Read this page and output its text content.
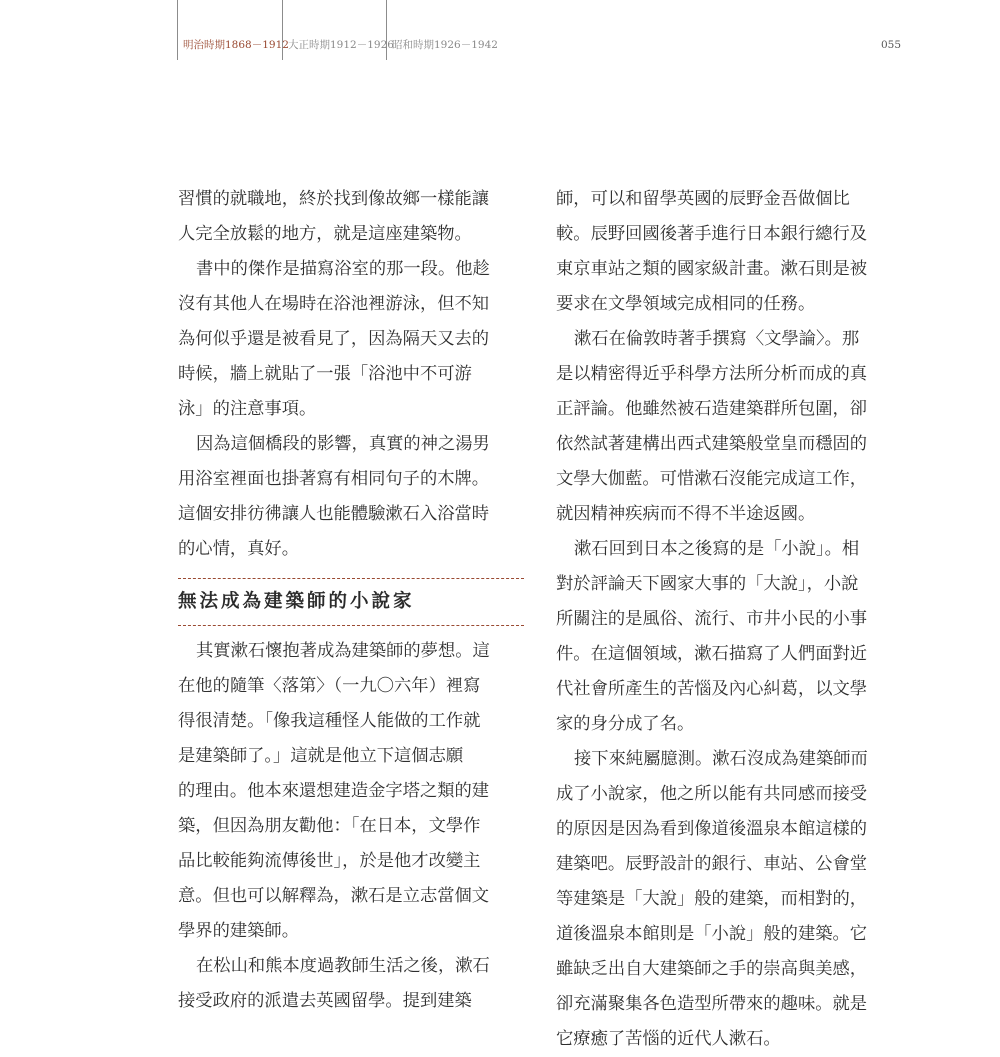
明治時期1868－1912 大正時期1912－1926
昭和時期1926－1942	055
習慣的就職地，終於找到像故鄉一樣能讓
人完全放鬆的地方，就是這座建築物。
書中的傑作是描寫浴室的那一段。他趁
沒有其他人在場時在浴池裡游泳，但不知
為何似乎還是被看見了，因為隔天又去的
時候，牆上就貼了一張「浴池中不可游
泳」的注意事項。
因為這個橋段的影響，真實的神之湯男
用浴室裡面也掛著寫有相同句子的木牌。
這個安排彷彿讓人也能體驗漱石入浴當時
的心情，真好。
無法成為建築師的小說家
其實漱石懷抱著成為建築師的夢想。這
在他的隨筆〈落第〉（一九〇六年）裡寫
得很清楚。「像我這種怪人能做的工作就
是建築師了。」這就是他立下這個志願
的理由。他本來還想建造金字塔之類的建
築，但因為朋友勸他：「在日本，文學作
品比較能夠流傳後世」，於是他才改變主
意。但也可以解釋為，漱石是立志當個文
學界的建築師。
在松山和熊本度過教師生活之後，漱石
接受政府的派遣去英國留學。提到建築
師，可以和留學英國的辰野金吾做個比
較。辰野回國後著手進行日本銀行總行及
東京車站之類的國家級計畫。漱石則是被
要求在文學領域完成相同的任務。
漱石在倫敦時著手撰寫〈文學論〉。那
是以精密得近乎科學方法所分析而成的真
正評論。他雖然被石造建築群所包圍，卻
依然試著建構出西式建築般堂皇而穩固的
文學大伽藍。可惜漱石沒能完成這工作，
就因精神疾病而不得不半途返國。
漱石回到日本之後寫的是「小說」。相
對於評論天下國家大事的「大說」，小說
所關注的是風俗、流行、市井小民的小事
件。在這個領域，漱石描寫了人們面對近
代社會所產生的苦惱及內心糾葛，以文學
家的身分成了名。
接下來純屬臆測。漱石沒成為建築師而
成了小說家，他之所以能有共同感而接受
的原因是因為看到像道後溫泉本館這樣的
建築吧。辰野設計的銀行、車站、公會堂
等建築是「大說」般的建築，而相對的，
道後溫泉本館則是「小說」般的建築。它
雖缺乏出自大建築師之手的崇高與美感，
卻充滿聚集各色造型所帶來的趣味。就是
它療癒了苦惱的近代人漱石。
